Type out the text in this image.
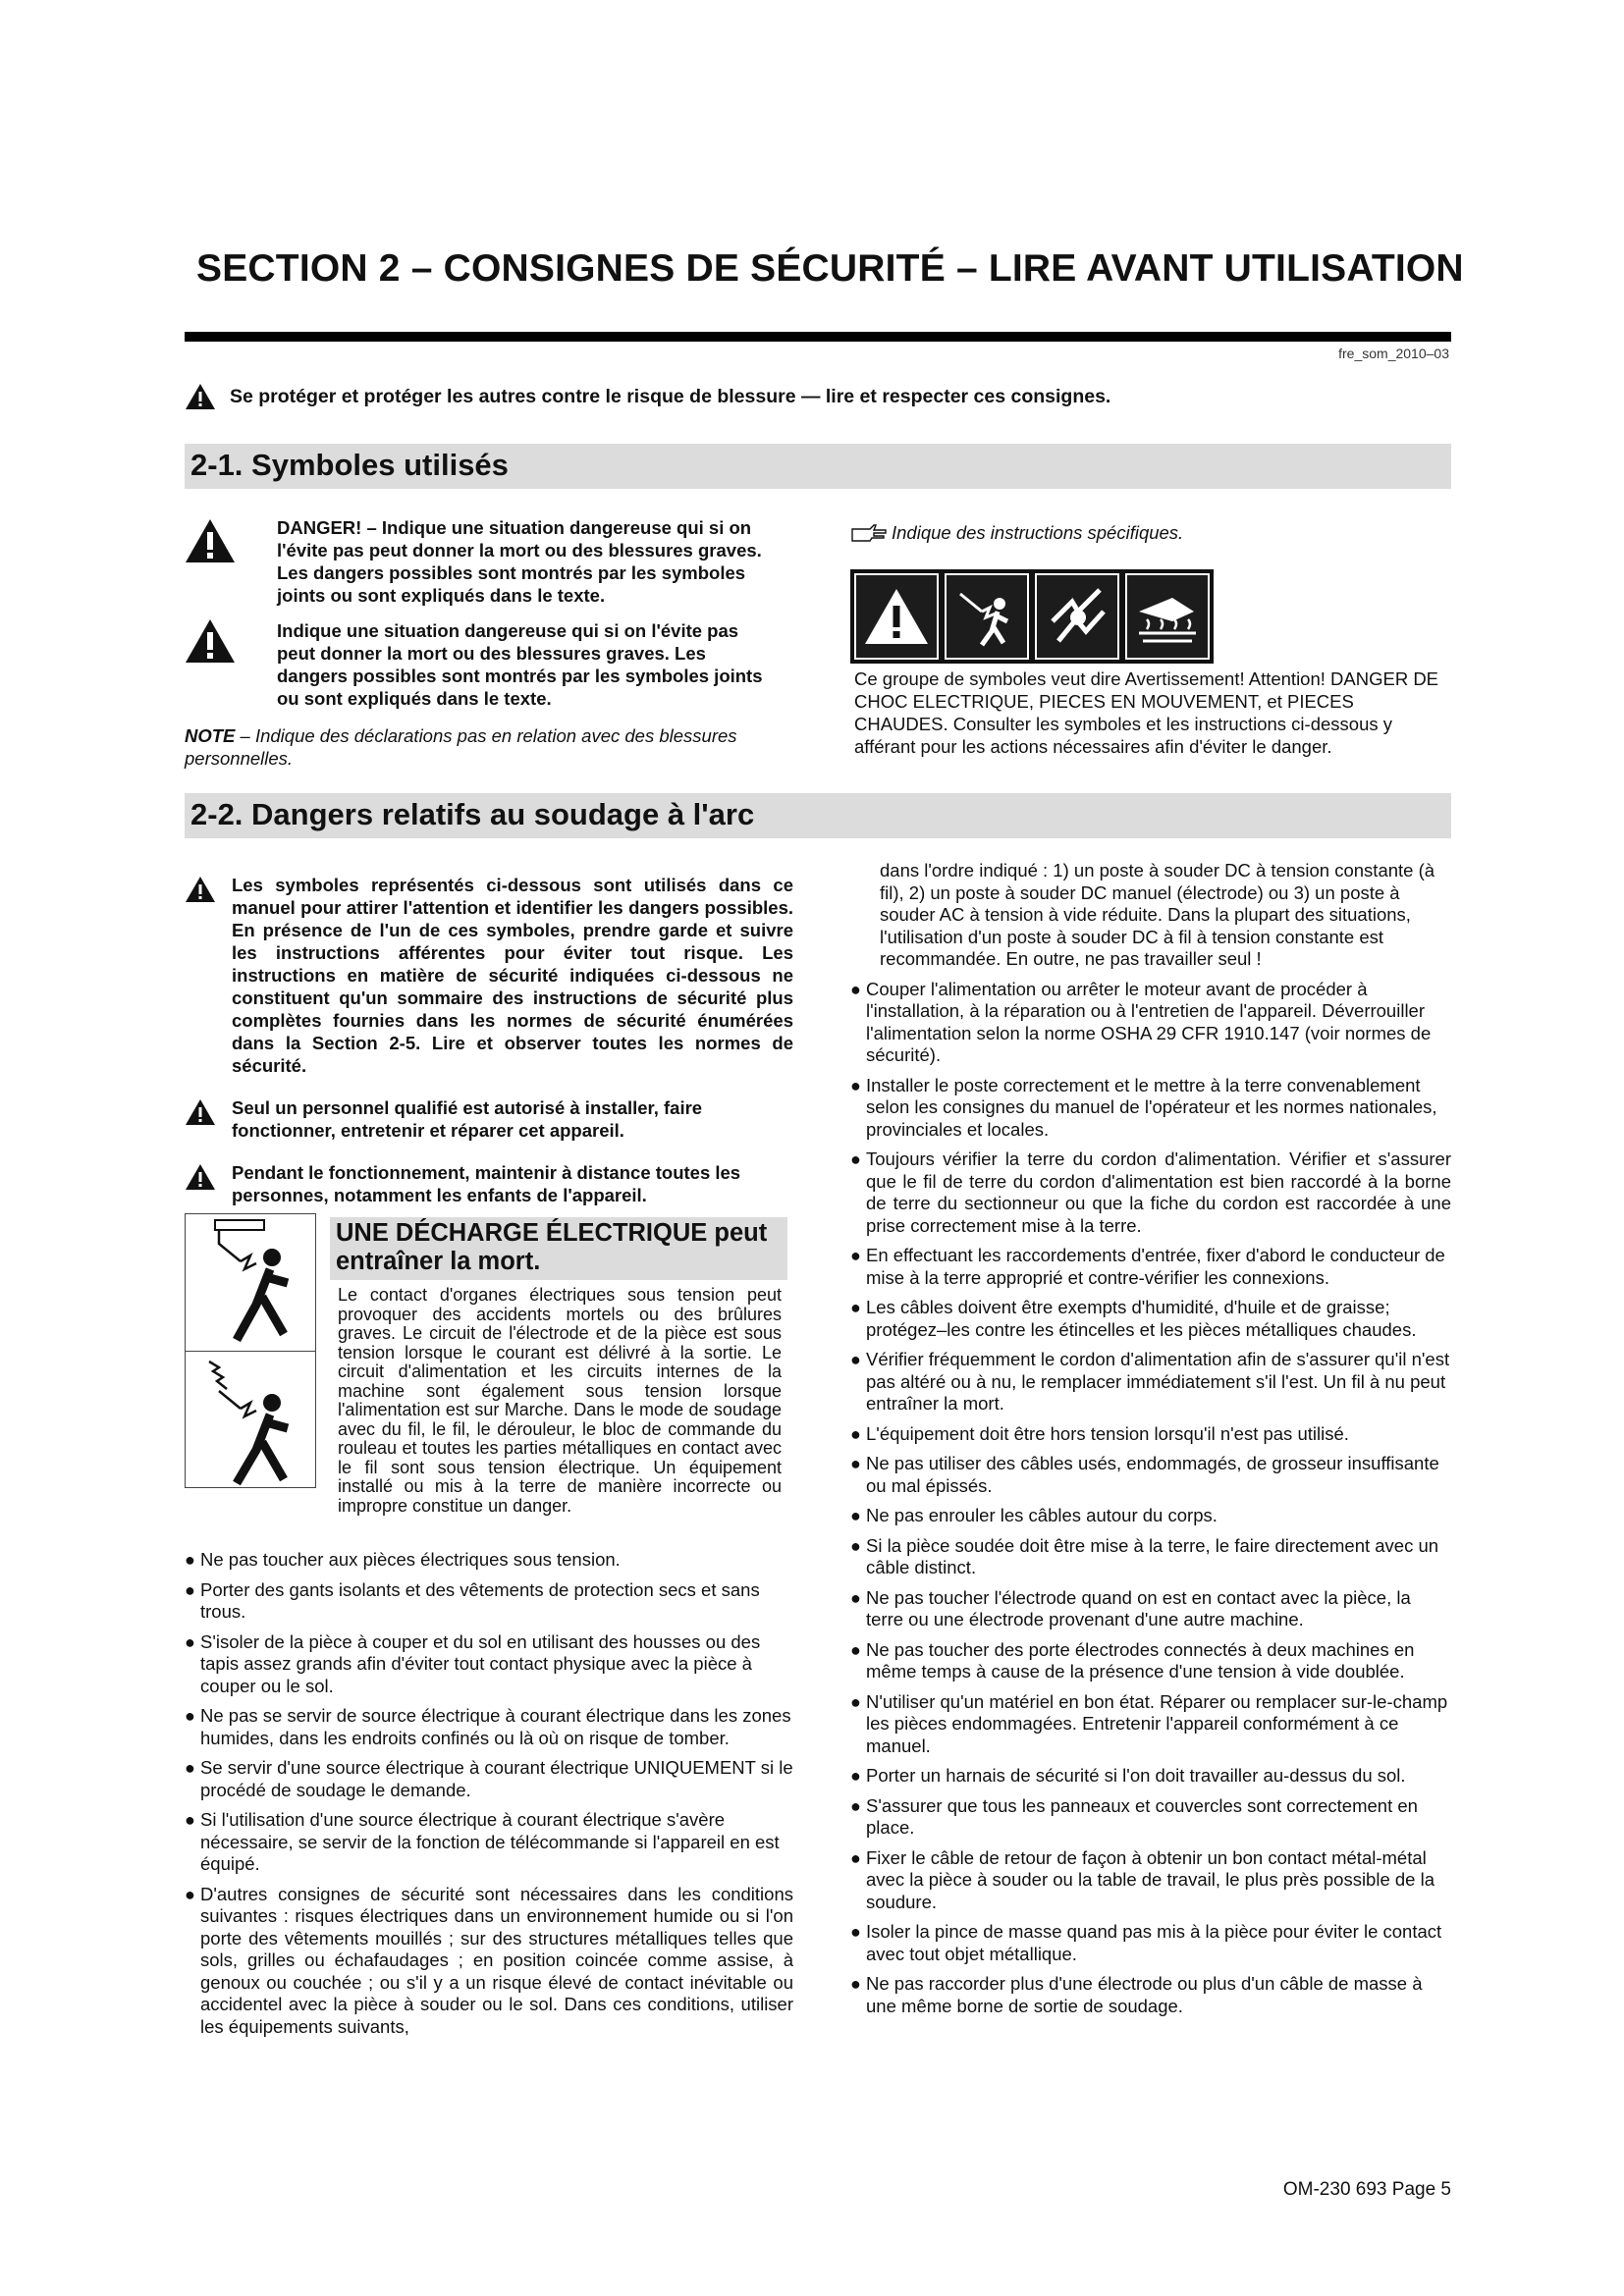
SECTION 2 – CONSIGNES DE SÉCURITÉ – LIRE AVANT UTILISATION
fre_som_2010–03
Se protéger et protéger les autres contre le risque de blessure — lire et respecter ces consignes.
2-1. Symboles utilisés
DANGER! – Indique une situation dangereuse qui si on l'évite pas peut donner la mort ou des blessures graves. Les dangers possibles sont montrés par les symboles joints ou sont expliqués dans le texte.
Indique une situation dangereuse qui si on l'évite pas peut donner la mort ou des blessures graves. Les dangers possibles sont montrés par les symboles joints ou sont expliqués dans le texte.
NOTE – Indique des déclarations pas en relation avec des blessures personnelles.
Indique des instructions spécifiques.
Ce groupe de symboles veut dire Avertissement! Attention! DANGER DE CHOC ELECTRIQUE, PIECES EN MOUVEMENT, et PIECES CHAUDES. Consulter les symboles et les instructions ci-dessous y afférant pour les actions nécessaires afin d'éviter le danger.
2-2. Dangers relatifs au soudage à l'arc
Les symboles représentés ci-dessous sont utilisés dans ce manuel pour attirer l'attention et identifier les dangers possibles. En présence de l'un de ces symboles, prendre garde et suivre les instructions afférentes pour éviter tout risque. Les instructions en matière de sécurité indiquées ci-dessous ne constituent qu'un sommaire des instructions de sécurité plus complètes fournies dans les normes de sécurité énumérées dans la Section 2-5. Lire et observer toutes les normes de sécurité.
Seul un personnel qualifié est autorisé à installer, faire fonctionner, entretenir et réparer cet appareil.
Pendant le fonctionnement, maintenir à distance toutes les personnes, notamment les enfants de l'appareil.
UNE DÉCHARGE ÉLECTRIQUE peut entraîner la mort.
Le contact d'organes électriques sous tension peut provoquer des accidents mortels ou des brûlures graves. Le circuit de l'électrode et de la pièce est sous tension lorsque le courant est délivré à la sortie. Le circuit d'alimentation et les circuits internes de la machine sont également sous tension lorsque l'alimentation est sur Marche. Dans le mode de soudage avec du fil, le fil, le dérouleur, le bloc de commande du rouleau et toutes les parties métalliques en contact avec le fil sont sous tension électrique. Un équipement installé ou mis à la terre de manière incorrecte ou impropre constitue un danger.
● Ne pas toucher aux pièces électriques sous tension.
● Porter des gants isolants et des vêtements de protection secs et sans trous.
● S'isoler de la pièce à couper et du sol en utilisant des housses ou des tapis assez grands afin d'éviter tout contact physique avec la pièce à couper ou le sol.
● Ne pas se servir de source électrique à courant électrique dans les zones humides, dans les endroits confinés ou là où on risque de tomber.
● Se servir d'une source électrique à courant électrique UNIQUEMENT si le procédé de soudage le demande.
● Si l'utilisation d'une source électrique à courant électrique s'avère nécessaire, se servir de la fonction de télécommande si l'appareil en est équipé.
● D'autres consignes de sécurité sont nécessaires dans les conditions suivantes : risques électriques dans un environnement humide ou si l'on porte des vêtements mouillés ; sur des structures métalliques telles que sols, grilles ou échafaudages ; en position coincée comme assise, à genoux ou couchée ; ou s'il y a un risque élevé de contact inévitable ou accidentel avec la pièce à souder ou le sol. Dans ces conditions, utiliser les équipements suivants,
dans l'ordre indiqué : 1) un poste à souder DC à tension constante (à fil), 2) un poste à souder DC manuel (électrode) ou 3) un poste à souder AC à tension à vide réduite. Dans la plupart des situations, l'utilisation d'un poste à souder DC à fil à tension constante est recommandée. En outre, ne pas travailler seul !
● Couper l'alimentation ou arrêter le moteur avant de procéder à l'installation, à la réparation ou à l'entretien de l'appareil. Déverrouiller l'alimentation selon la norme OSHA 29 CFR 1910.147 (voir normes de sécurité).
● Installer le poste correctement et le mettre à la terre convenablement selon les consignes du manuel de l'opérateur et les normes nationales, provinciales et locales.
● Toujours vérifier la terre du cordon d'alimentation. Vérifier et s'assurer que le fil de terre du cordon d'alimentation est bien raccordé à la borne de terre du sectionneur ou que la fiche du cordon est raccordée à une prise correctement mise à la terre.
● En effectuant les raccordements d'entrée, fixer d'abord le conducteur de mise à la terre approprié et contre-vérifier les connexions.
● Les câbles doivent être exempts d'humidité, d'huile et de graisse; protégez–les contre les étincelles et les pièces métalliques chaudes.
● Vérifier fréquemment le cordon d'alimentation afin de s'assurer qu'il n'est pas altéré ou à nu, le remplacer immédiatement s'il l'est. Un fil à nu peut entraîner la mort.
● L'équipement doit être hors tension lorsqu'il n'est pas utilisé.
● Ne pas utiliser des câbles usés, endommagés, de grosseur insuffisante ou mal épissés.
● Ne pas enrouler les câbles autour du corps.
● Si la pièce soudée doit être mise à la terre, le faire directement avec un câble distinct.
● Ne pas toucher l'électrode quand on est en contact avec la pièce, la terre ou une électrode provenant d'une autre machine.
● Ne pas toucher des porte électrodes connectés à deux machines en même temps à cause de la présence d'une tension à vide doublée.
● N'utiliser qu'un matériel en bon état. Réparer ou remplacer sur-le-champ les pièces endommagées. Entretenir l'appareil conformément à ce manuel.
● Porter un harnais de sécurité si l'on doit travailler au-dessus du sol.
● S'assurer que tous les panneaux et couvercles sont correctement en place.
● Fixer le câble de retour de façon à obtenir un bon contact métal-métal avec la pièce à souder ou la table de travail, le plus près possible de la soudure.
● Isoler la pince de masse quand pas mis à la pièce pour éviter le contact avec tout objet métallique.
● Ne pas raccorder plus d'une électrode ou plus d'un câble de masse à une même borne de sortie de soudage.
OM-230 693 Page 5
